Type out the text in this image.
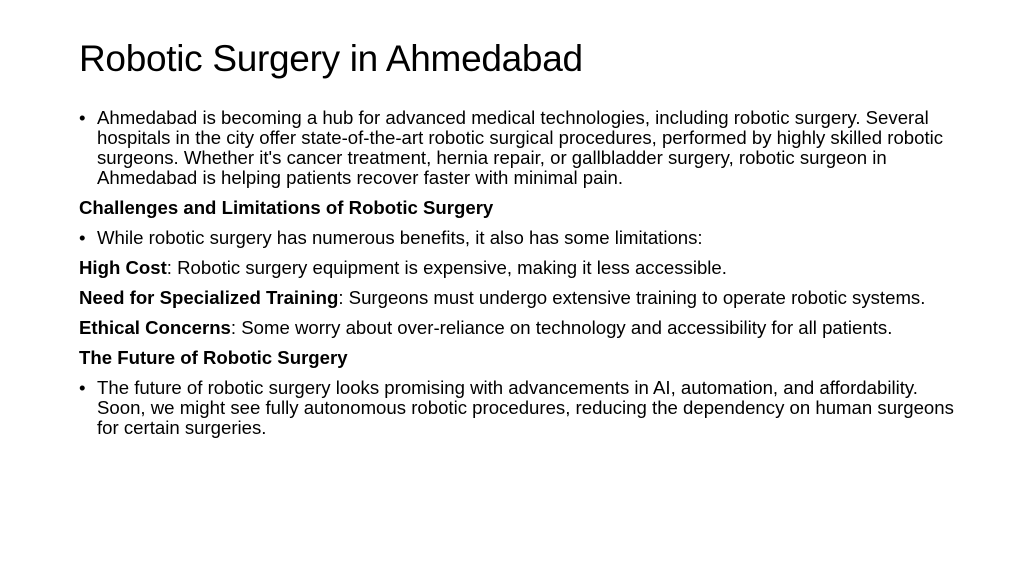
Robotic Surgery in Ahmedabad
• Ahmedabad is becoming a hub for advanced medical technologies, including robotic surgery. Several hospitals in the city offer state-of-the-art robotic surgical procedures, performed by highly skilled robotic surgeons. Whether it's cancer treatment, hernia repair, or gallbladder surgery, robotic surgeon in Ahmedabad is helping patients recover faster with minimal pain.
Challenges and Limitations of Robotic Surgery
• While robotic surgery has numerous benefits, it also has some limitations:
High Cost: Robotic surgery equipment is expensive, making it less accessible.
Need for Specialized Training: Surgeons must undergo extensive training to operate robotic systems.
Ethical Concerns: Some worry about over-reliance on technology and accessibility for all patients.
The Future of Robotic Surgery
• The future of robotic surgery looks promising with advancements in AI, automation, and affordability. Soon, we might see fully autonomous robotic procedures, reducing the dependency on human surgeons for certain surgeries.
